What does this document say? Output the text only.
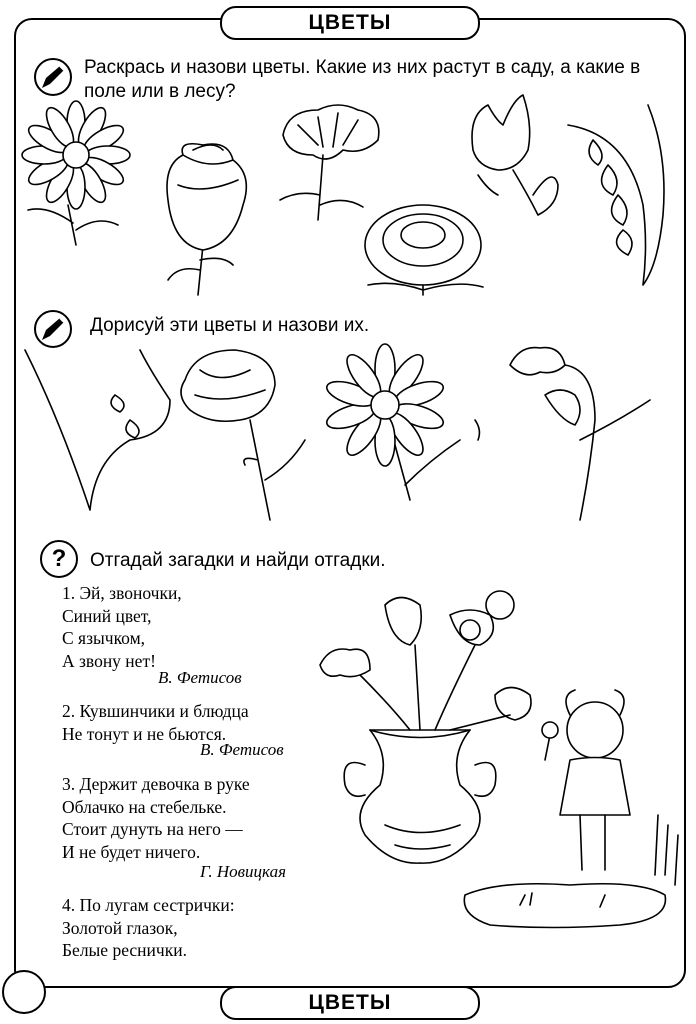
ЦВЕТЫ
Раскрась и назови цветы. Какие из них растут в саду, а какие в поле или в лесу?
Дорисуй эти цветы и назови их.
?	Отгадай загадки и найди отгадки.
1. Эй, звоночки,
Синий цвет,
С язычком,
А звону нет!
В. Фетисов
2. Кувшинчики и блюдца
Не тонут и не бьются.
В. Фетисов
3. Держит девочка в руке
Облачко на стебельке.
Стоит дунуть на него —
И не будет ничего.
Г. Новицкая
4. По лугам сестрички:
Золотой глазок,
Белые реснички.
ЦВЕТЫ
